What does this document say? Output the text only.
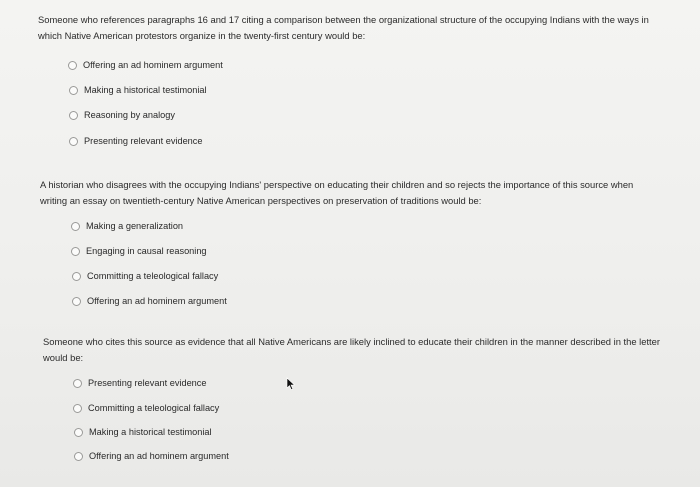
Someone who references paragraphs 16 and 17 citing a comparison between the organizational structure of the occupying Indians with the ways in which Native American protestors organize in the twenty-first century would be:

Offering an ad hominem argument
Making a historical testimonial
Reasoning by analogy
Presenting relevant evidence

A historian who disagrees with the occupying Indians' perspective on educating their children and so rejects the importance of this source when writing an essay on twentieth-century Native American perspectives on preservation of traditions would be:

Making a generalization
Engaging in causal reasoning
Committing a teleological fallacy
Offering an ad hominem argument

Someone who cites this source as evidence that all Native Americans are likely inclined to educate their children in the manner described in the letter would be:

Presenting relevant evidence
Committing a teleological fallacy
Making a historical testimonial
Offering an ad hominem argument
